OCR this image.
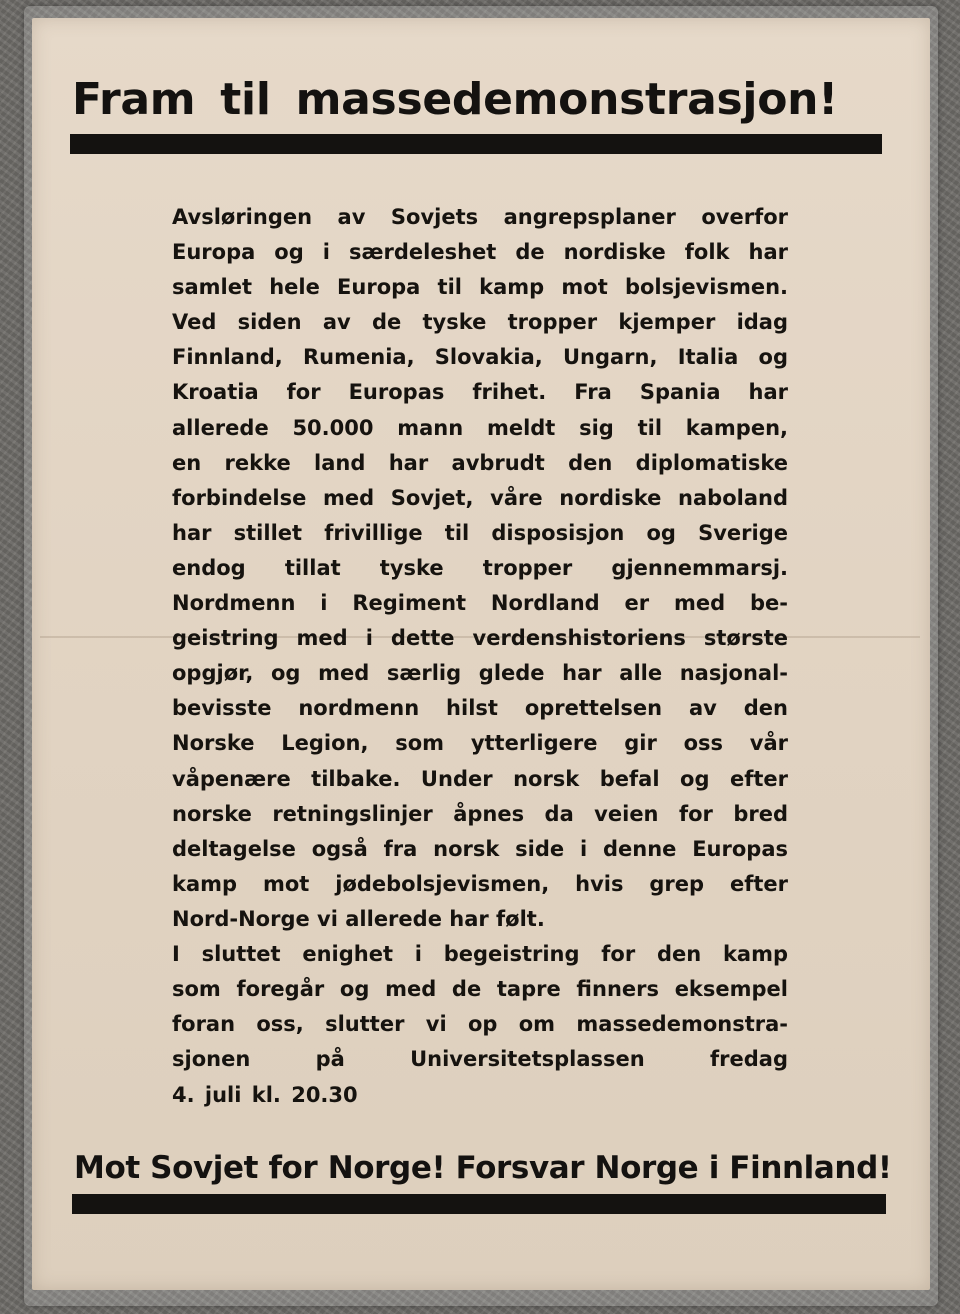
Fram til massedemonstrasjon!
Avsløringen av Sovjets angrepsplaner overfor
Europa og i særdeleshet de nordiske folk har
samlet hele Europa til kamp mot bolsjevismen.
Ved siden av de tyske tropper kjemper idag
Finnland, Rumenia, Slovakia, Ungarn, Italia og
Kroatia for Europas frihet. Fra Spania har
allerede 50.000 mann meldt sig til kampen,
en rekke land har avbrudt den diplomatiske
forbindelse med Sovjet, våre nordiske naboland
har stillet frivillige til disposisjon og Sverige
endog tillat tyske tropper gjennemmarsj.
Nordmenn i Regiment Nordland er med be-
geistring med i dette verdenshistoriens største
opgjør, og med særlig glede har alle nasjonal-
bevisste nordmenn hilst oprettelsen av den
Norske Legion, som ytterligere gir oss vår
våpenære tilbake. Under norsk befal og efter
norske retningslinjer åpnes da veien for bred
deltagelse også fra norsk side i denne Europas
kamp mot jødebolsjevismen, hvis grep efter
Nord-Norge vi allerede har følt.
I sluttet enighet i begeistring for den kamp
som foregår og med de tapre finners eksempel
foran oss, slutter vi op om massedemonstra-
sjonen på Universitetsplassen fredag
4. juli kl. 20.30
Mot Sovjet for Norge! Forsvar Norge i Finnland!
